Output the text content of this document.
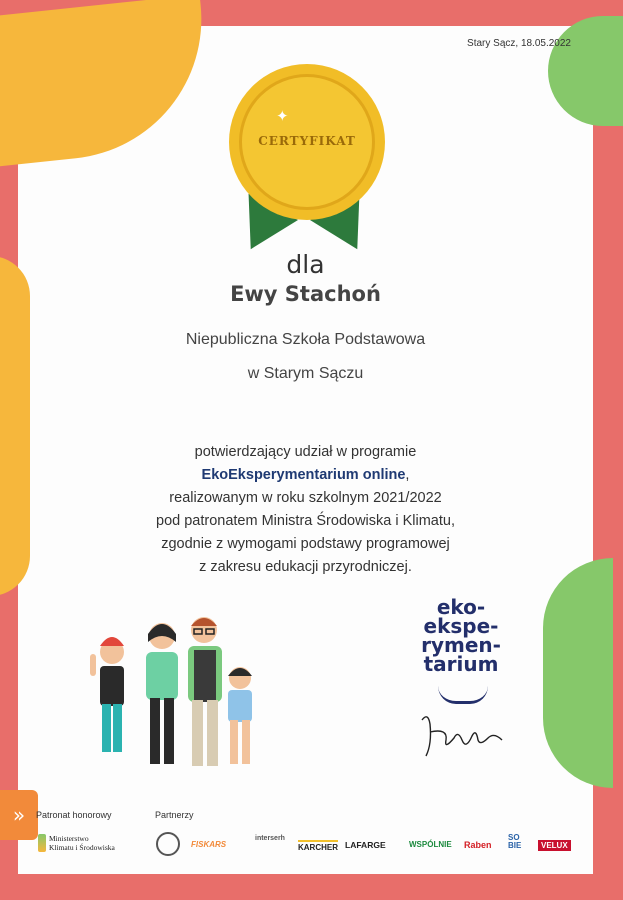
Stary Sącz, 18.05.2022
✦
CERTYFIKAT
dla
Ewy Stachoń
Niepubliczna Szkoła Podstawowa
w Starym Sączu
potwierdzający udział w programie
EkoEksperymentarium online,
realizowanym w roku szkolnym 2021/2022
pod patronatem Ministra Środowiska i Klimatu,
zgodnie z wymogami podstawy programowej
z zakresu edukacji przyrodniczej.
eko-
ekspe-
rymen-
tarium
»	Patronat honorowy	Partnerzy
Ministerstwo
Klimatu i Środowiska	FISKARS
interserh
KARCHER LAFARGE	WSPÓLNIE Raben
SO
BIE	VELUX
